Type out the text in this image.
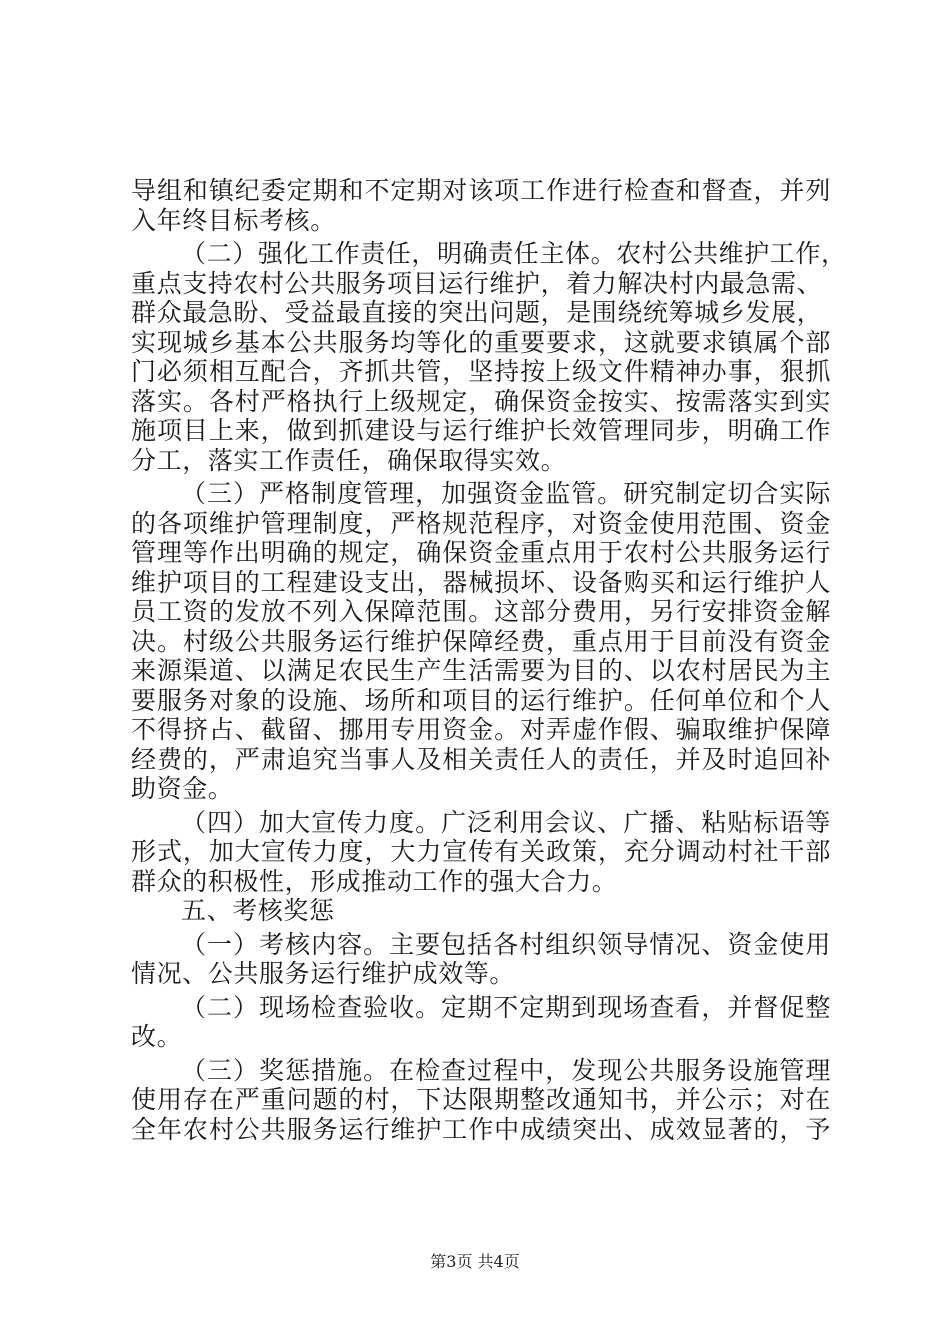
导组和镇纪委定期和不定期对该项工作进行检查和督查，并列
入年终目标考核。
（二）强化工作责任，明确责任主体。农村公共维护工作，
重点支持农村公共服务项目运行维护，着力解决村内最急需、
群众最急盼、受益最直接的突出问题，是围绕统筹城乡发展，
实现城乡基本公共服务均等化的重要要求，这就要求镇属个部
门必须相互配合，齐抓共管，坚持按上级文件精神办事，狠抓
落实。各村严格执行上级规定，确保资金按实、按需落实到实
施项目上来，做到抓建设与运行维护长效管理同步，明确工作
分工，落实工作责任，确保取得实效。
（三）严格制度管理，加强资金监管。研究制定切合实际
的各项维护管理制度，严格规范程序，对资金使用范围、资金
管理等作出明确的规定，确保资金重点用于农村公共服务运行
维护项目的工程建设支出，器械损坏、设备购买和运行维护人
员工资的发放不列入保障范围。这部分费用，另行安排资金解
决。村级公共服务运行维护保障经费，重点用于目前没有资金
来源渠道、以满足农民生产生活需要为目的、以农村居民为主
要服务对象的设施、场所和项目的运行维护。任何单位和个人
不得挤占、截留、挪用专用资金。对弄虚作假、骗取维护保障
经费的，严肃追究当事人及相关责任人的责任，并及时追回补
助资金。
（四）加大宣传力度。广泛利用会议、广播、粘贴标语等
形式，加大宣传力度，大力宣传有关政策，充分调动村社干部
群众的积极性，形成推动工作的强大合力。
五、考核奖惩
（一）考核内容。主要包括各村组织领导情况、资金使用
情况、公共服务运行维护成效等。
（二）现场检查验收。定期不定期到现场查看，并督促整
改。
（三）奖惩措施。在检查过程中，发现公共服务设施管理
使用存在严重问题的村，下达限期整改通知书，并公示；对在
全年农村公共服务运行维护工作中成绩突出、成效显著的，予
第3页 共4页
